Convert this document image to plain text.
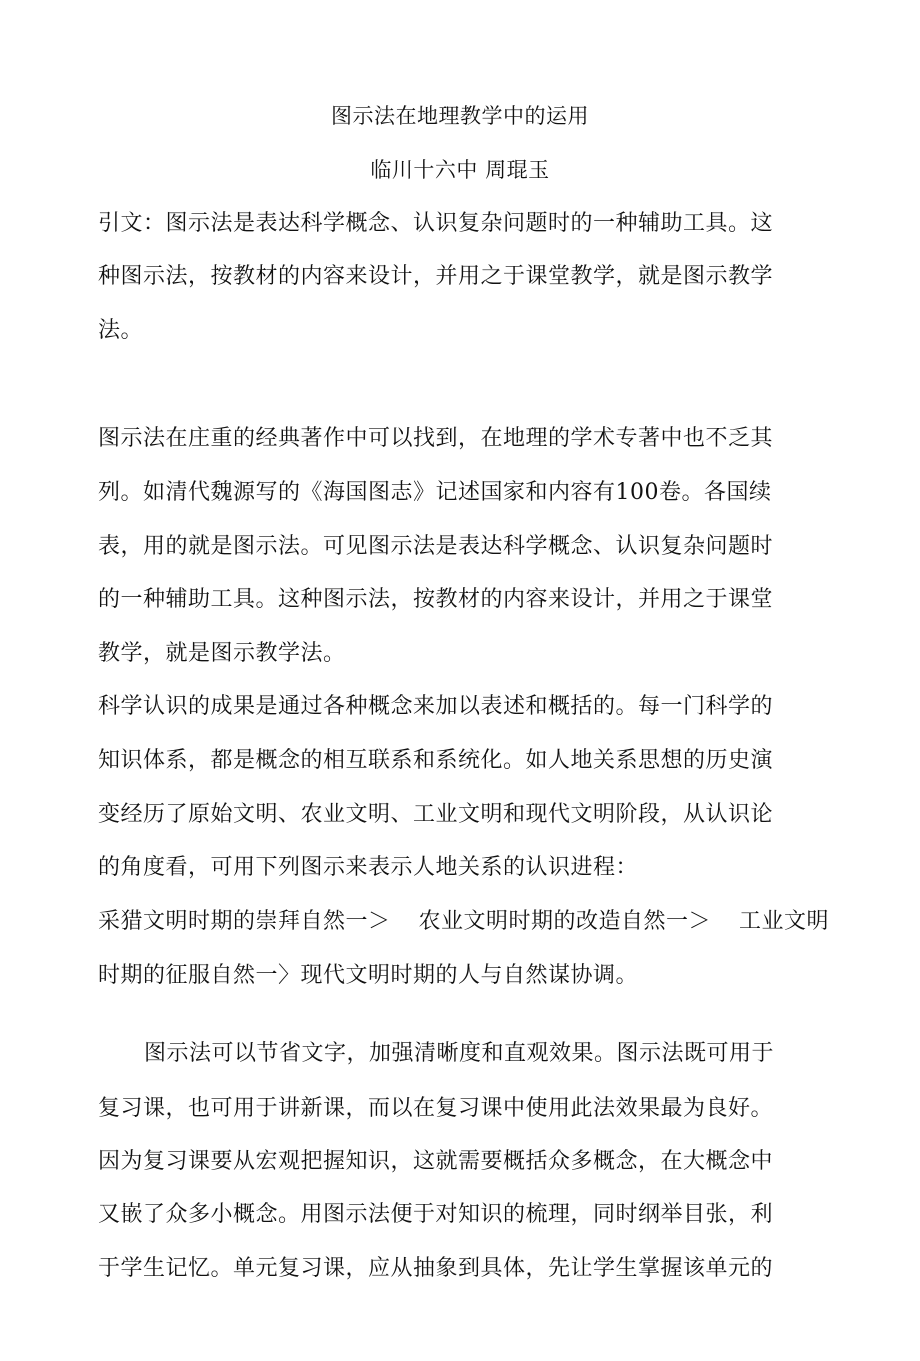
图示法在地理教学中的运用
临川十六中 周琨玉
引文：图示法是表达科学概念、认识复杂问题时的一种辅助工具。这
种图示法，按教材的内容来设计，并用之于课堂教学，就是图示教学
法。
图示法在庄重的经典著作中可以找到，在地理的学术专著中也不乏其
列。如清代魏源写的《海国图志》记述国家和内容有100卷。各国续
表，用的就是图示法。可见图示法是表达科学概念、认识复杂问题时
的一种辅助工具。这种图示法，按教材的内容来设计，并用之于课堂
教学，就是图示教学法。
科学认识的成果是通过各种概念来加以表述和概括的。每一门科学的
知识体系，都是概念的相互联系和系统化。如人地关系思想的历史演
变经历了原始文明、农业文明、工业文明和现代文明阶段，从认识论
的角度看，可用下列图示来表示人地关系的认识进程：
采猎文明时期的崇拜自然一＞ 农业文明时期的改造自然一＞ 工业文明
时期的征服自然一〉现代文明时期的人与自然谋协调。
图示法可以节省文字，加强清晰度和直观效果。图示法既可用于
复习课，也可用于讲新课，而以在复习课中使用此法效果最为良好。
因为复习课要从宏观把握知识，这就需要概括众多概念，在大概念中
又嵌了众多小概念。用图示法便于对知识的梳理，同时纲举目张，利
于学生记忆。单元复习课，应从抽象到具体，先让学生掌握该单元的
